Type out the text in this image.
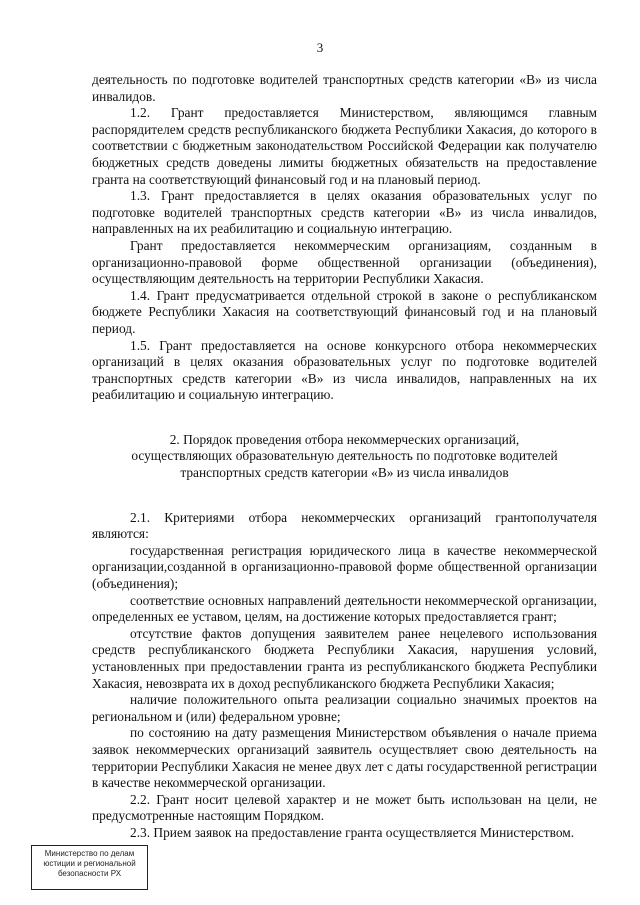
3

деятельность по подготовке водителей транспортных средств категории «В» из числа инвалидов.

1.2. Грант предоставляется Министерством, являющимся главным распорядителем средств республиканского бюджета Республики Хакасия, до которого в соответствии с бюджетным законодательством Российской Федерации как получателю бюджетных средств доведены лимиты бюджетных обязательств на предоставление гранта на соответствующий финансовый год и на плановый период.

1.3. Грант предоставляется в целях оказания образовательных услуг по подготовке водителей транспортных средств категории «В» из числа инвалидов, направленных на их реабилитацию и социальную интеграцию.

Грант предоставляется некоммерческим организациям, созданным в организационно-правовой форме общественной организации (объединения), осуществляющим деятельность на территории Республики Хакасия.

1.4. Грант предусматривается отдельной строкой в законе о республиканском бюджете Республики Хакасия на соответствующий финансовый год и на плановый период.

1.5. Грант предоставляется на основе конкурсного отбора некоммерческих организаций в целях оказания образовательных услуг по подготовке водителей транспортных средств категории «В» из числа инвалидов, направленных на их реабилитацию и социальную интеграцию.

2. Порядок проведения отбора некоммерческих организаций,

осуществляющих образовательную деятельность по подготовке водителей

транспортных средств категории «В» из числа инвалидов

2.1. Критериями отбора некоммерческих организаций грантополучателя являются:

государственная регистрация юридического лица в качестве некоммерческой организации,созданной в организационно-правовой форме общественной организации (объединения);

соответствие основных направлений деятельности некоммерческой организации, определенных ее уставом, целям, на достижение которых предоставляется грант;

отсутствие фактов допущения заявителем ранее нецелевого использования средств республиканского бюджета Республики Хакасия, нарушения условий, установленных при предоставлении гранта из республиканского бюджета Республики Хакасия, невозврата их в доход республиканского бюджета Республики Хакасия;

наличие положительного опыта реализации социально значимых проектов на региональном и (или) федеральном уровне;

по состоянию на дату размещения Министерством объявления о начале приема заявок некоммерческих организаций заявитель осуществляет свою деятельность на территории Республики Хакасия не менее двух лет с даты государственной регистрации в качестве некоммерческой организации.

2.2. Грант носит целевой характер и не может быть использован на цели, не предусмотренные настоящим Порядком.

2.3. Прием заявок на предоставление гранта осуществляется Министерством.

Министерство по делам
юстиции и региональной
безопасности РХ
